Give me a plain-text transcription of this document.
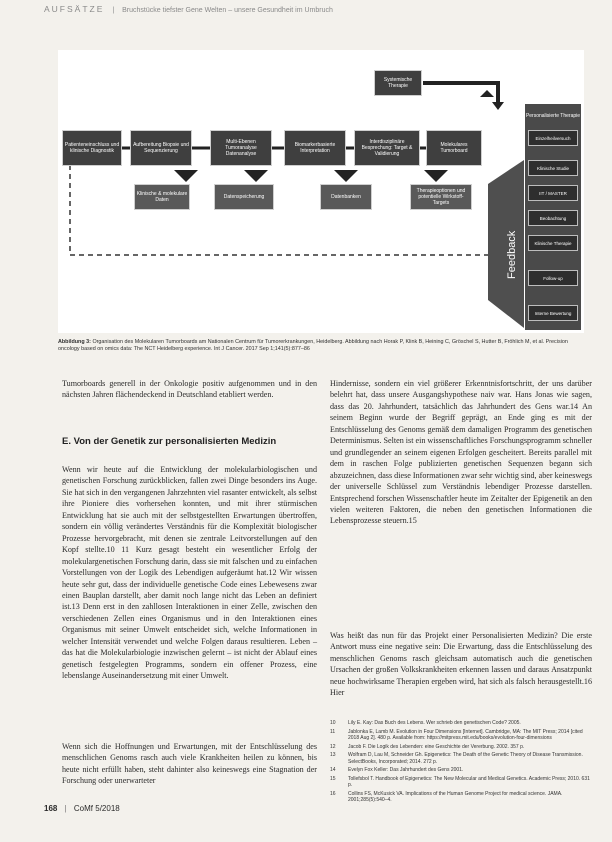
AUFSÄTZE | Bruchstücke tiefster Gene Welten – unsere Gesundheit im Umbruch
Systemische Therapie
Patienteneinschluss und klinische Diagnostik
Aufbereitung Biopsie und Sequenzierung
Multi-Ebenen Tumoranalyse Datenanalyse
Biomarkerbasierte Interpretation
Interdisziplinäre Besprechung: Target & Validierung
Molekulares Tumorboard
Klinische & molekulare Daten	Datenspeicherung	Datenbanken
Therapieoptionen und potentielle Wirkstoff-Targets
Personalisierte Therapie
Einzelheilversuch
Klinische Studie
IIT / MASTER
Beobachtung
Klinische Therapie
Follow-up
Interne Bewertung
Feedback
Abbildung 3: Organisation des Molekularen Tumorboards am Nationalen Centrum für Tumorerkrankungen, Heidelberg. Abbildung nach Horak P, Klink B, Heining C, Gröschel S, Hutter B, Fröhlich M, et al. Precision oncology based on omics data: The NCT Heidelberg experience. Int J Cancer. 2017 Sep 1;141(5):877–86

Tumorboards generell in der Onkologie positiv aufgenommen und in den nächsten Jahren flächendeckend in Deutschland etabliert werden.

E. Von der Genetik zur personalisierten Medizin

Wenn wir heute auf die Entwicklung der molekularbiologischen und genetischen Forschung zurückblicken, fallen zwei Dinge besonders ins Auge. Sie hat sich in den vergangenen Jahrzehnten viel rasanter entwickelt, als selbst ihre Pioniere dies vorhersehen konnten, und mit ihrer stürmischen Entwicklung hat sie auch mit der selbstgestellten Erwartungen übertroffen, sondern ein völlig verändertes Verständnis für die Komplexität biologischer Prozesse hervorgebracht, mit denen sie zentrale Leitvorstellungen auf den Kopf stellte.10 11 Kurz gesagt besteht ein wesentlicher Erfolg der molekulargenetischen Forschung darin, dass sie mit falschen und zu einfachen Vorstellungen von der Logik des Lebendigen aufgeräumt hat.12 Wir wissen heute sehr gut, dass der individuelle genetische Code eines Lebewesens zwar einen Bauplan darstellt, aber damit noch lange nicht das Leben an definiert ist.13 Denn erst in den zahllosen Interaktionen in einer Zelle, zwischen den verschiedenen Zellen eines Organismus und in den Interaktionen eines Organismus mit seiner Umwelt entscheidet sich, welche Informationen in welcher Intensität verwendet und welche Folgen daraus resultieren. Leben – das hat die Molekularbiologie inzwischen gelernt – ist nicht der Ablauf eines genetisch festgelegten Programms, sondern ein offener Prozess, eine lebenslange Auseinandersetzung mit einer Umwelt.

Wenn sich die Hoffnungen und Erwartungen, mit der Entschlüsselung des menschlichen Genoms rasch auch viele Krankheiten heilen zu können, bis heute nicht erfüllt haben, steht dahinter also keineswegs eine Stagnation der Forschung oder unerwarteter

Hindernisse, sondern ein viel größerer Erkenntnisfortschritt, der uns darüber belehrt hat, dass unsere Ausgangshypothese naiv war. Hans Jonas wie sagen, dass das 20. Jahrhundert, tatsächlich das Jahrhundert des Gens war.14 An seinem Beginn wurde der Begriff geprägt, an Ende ging es mit der Entschlüsselung des Genoms gemäß dem damaligen Programm des genetischen Determinismus. Selten ist ein wissenschaftliches Forschungsprogramm schneller und grundlegender an seinem eigenen Erfolgen gescheitert. Bereits parallel mit dem in raschen Folge publizierten genetischen Sequenzen begann sich abzuzeichnen, dass diese Informationen zwar sehr wichtig sind, aber keineswegs der universelle Schlüssel zum Verständnis lebendiger Prozesse darstellen. Entsprechend forschen Wissenschaftler heute im Zeitalter der Epigenetik an den vielen weiteren Faktoren, die neben den genetischen Informationen die Lebensprozesse steuern.15

Was heißt das nun für das Projekt einer Personalisierten Medizin? Die erste Antwort muss eine negative sein: Die Erwartung, dass die Entschlüsselung des menschlichen Genoms rasch gleichsam automatisch auch die genetischen Ursachen der großen Volkskrankheiten erkennen lassen und daraus Ansatzpunkt neue hochwirksame Therapien ergeben wird, hat sich als falsch herausgestellt.16 Hier

10	Lily E. Kay: Das Buch des Lebens. Wer schrieb den genetischen Code? 2005.
11	Jablonka E, Lamb M. Evolution in Four Dimensions [Internet]. Cambridge, MA: The MIT Press; 2014 [cited 2018 Aug 2]. 480 p. Available from: https://mitpress.mit.edu/books/evolution-four-dimensions
12	Jacob F. Die Logik des Lebenden: eine Geschichte der Vererbung. 2002. 357 p.
13	Wolfram D, Lau M, Schneider Gh. Epigenetics: The Death of the Genetic Theory of Disease Transmission. SelectBooks, Incorporated; 2014. 272 p.
14	Evelyn Fox Keller: Das Jahrhundert des Gens 2001.
15	Tollefsbol T. Handbook of Epigenetics: The New Molecular and Medical Genetics. Academic Press; 2010. 631 p.
16	Collins FS, McKusick VA. Implications of the Human Genome Project for medical science. JAMA. 2001;285(5):540–4.
168 | CoMf 5/2018
